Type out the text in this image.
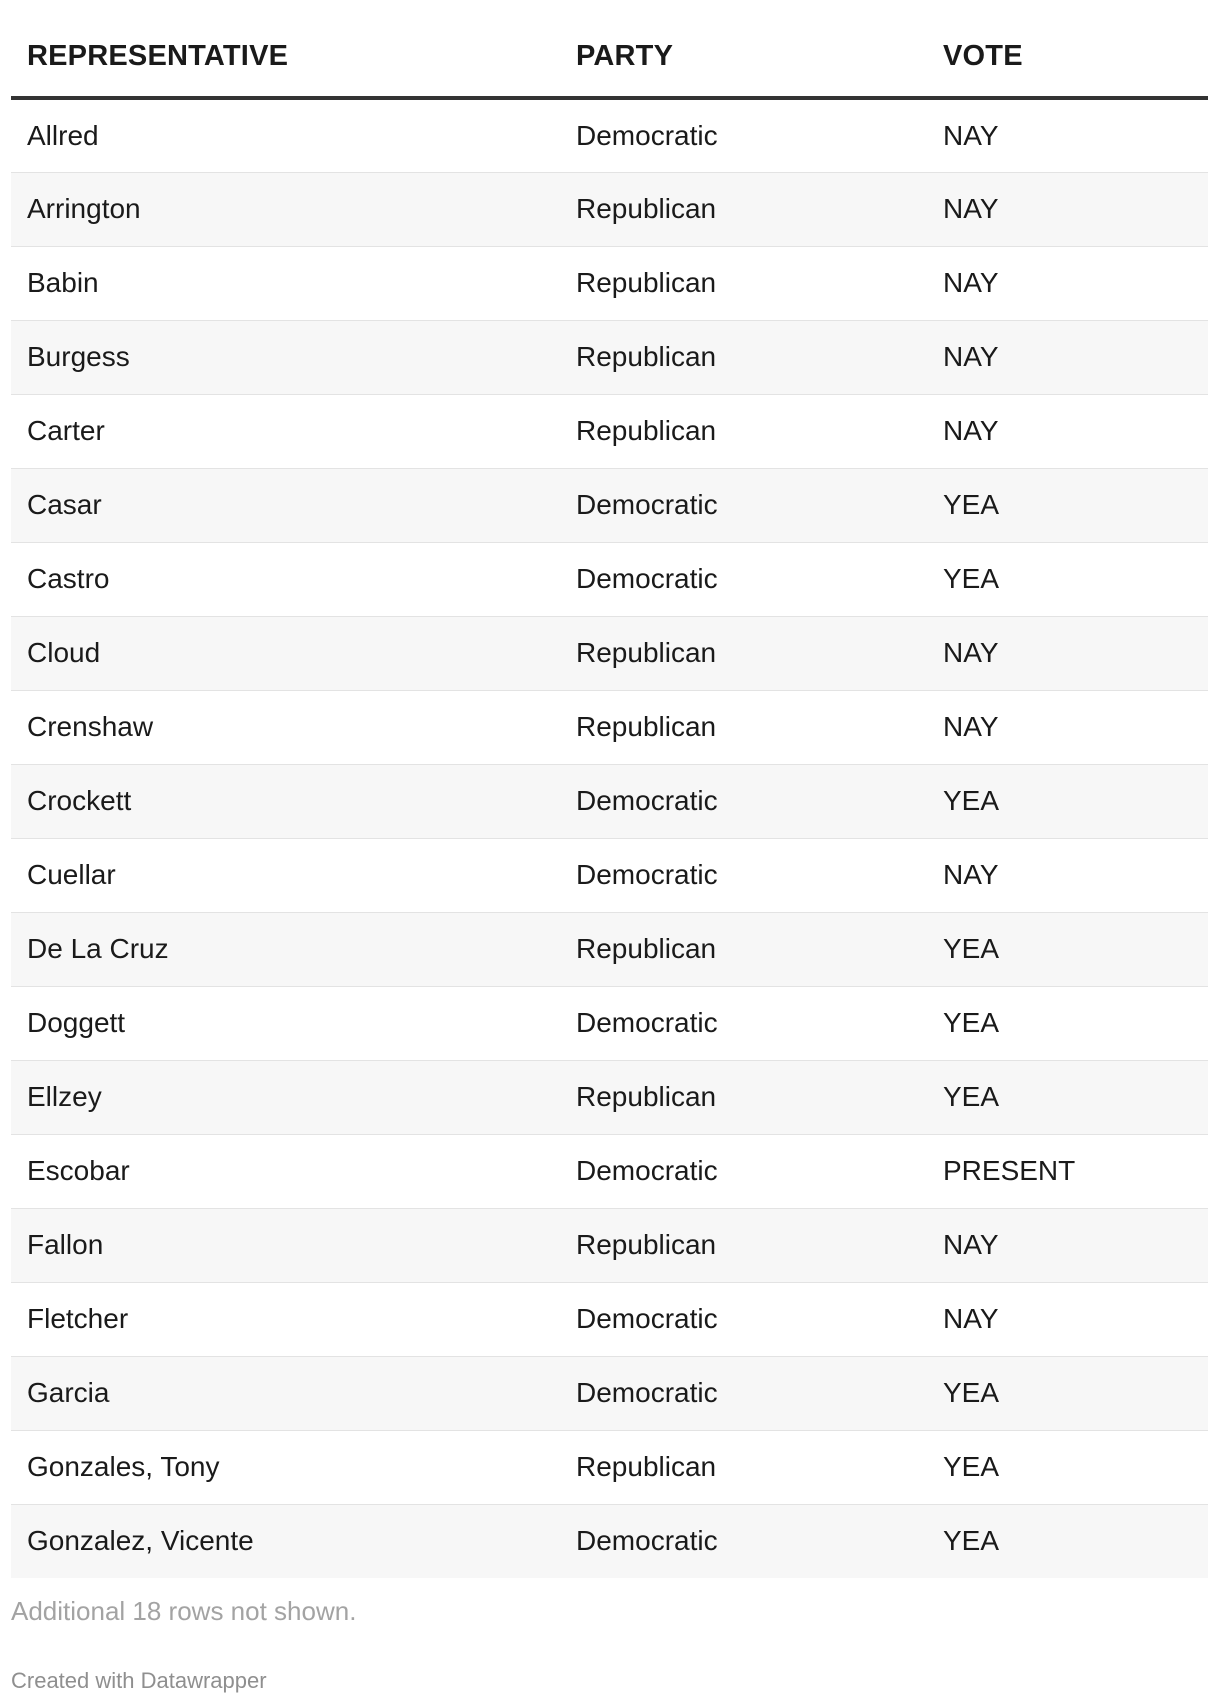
REPRESENTATIVE	PARTY	VOTE
Allred	Democratic	NAY
Arrington	Republican	NAY
Babin	Republican	NAY
Burgess	Republican	NAY
Carter	Republican	NAY
Casar	Democratic	YEA
Castro	Democratic	YEA
Cloud	Republican	NAY
Crenshaw	Republican	NAY
Crockett	Democratic	YEA
Cuellar	Democratic	NAY
De La Cruz	Republican	YEA
Doggett	Democratic	YEA
Ellzey	Republican	YEA
Escobar	Democratic	PRESENT
Fallon	Republican	NAY
Fletcher	Democratic	NAY
Garcia	Democratic	YEA
Gonzales, Tony	Republican	YEA
Gonzalez, Vicente	Democratic	YEA
Additional 18 rows not shown.
Created with Datawrapper
